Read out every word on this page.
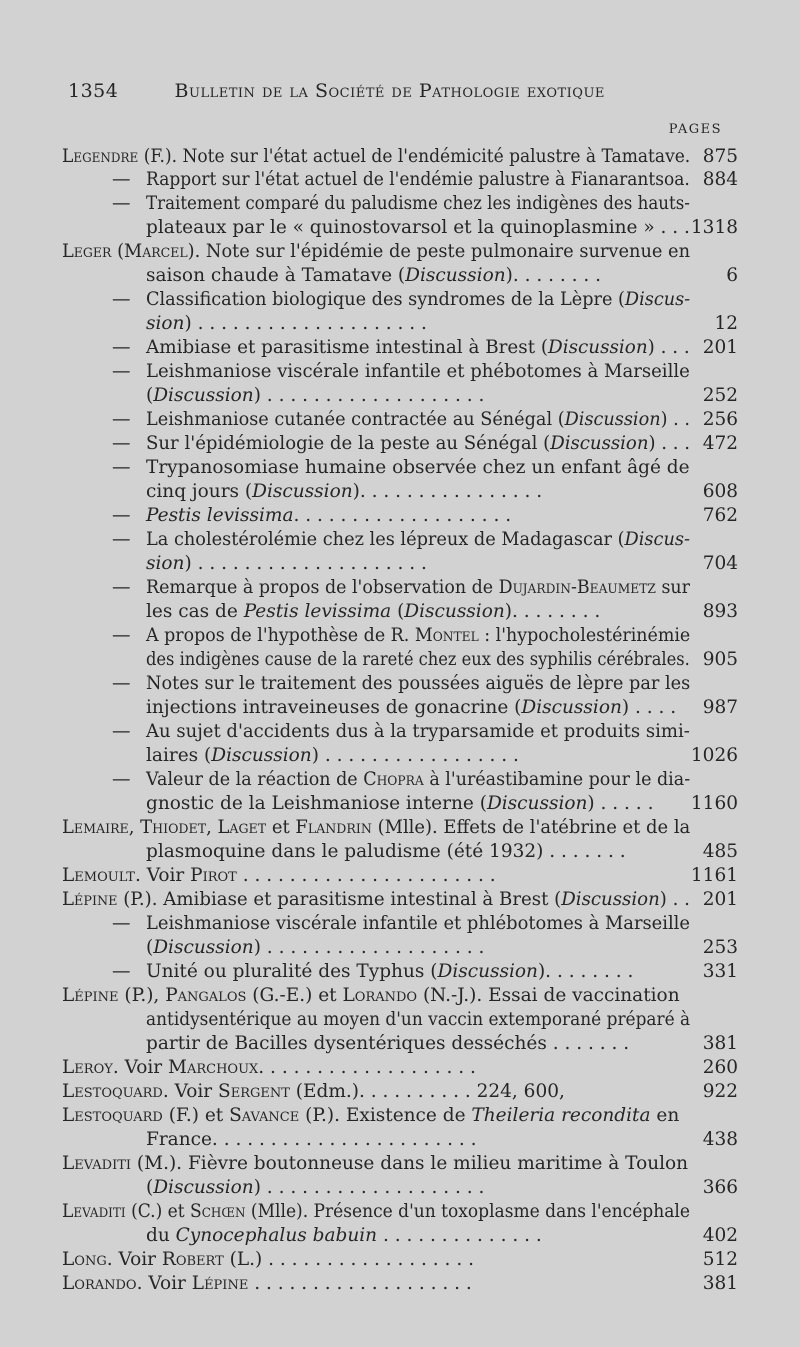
1354	Bulletin de la Société de Pathologie exotique
PAGES
Legendre (F.). Note sur l'état actuel de l'endémicité palustre à Tamatave. 875
— Rapport sur l'état actuel de l'endémie palustre à Fianarantsoa. 884
— Traitement comparé du paludisme chez les indigènes des hauts-
plateaux par le « quinostovarsol et la quinoplasmine » . . . 1318
Leger (Marcel). Note sur l'épidémie de peste pulmonaire survenue en
saison chaude à Tamatave (Discussion). . . . . . . .	6
— Classification biologique des syndromes de la Lèpre (Discus-
sion) . . . . . . . . . . . . . . . . . . . .	12
— Amibiase et parasitisme intestinal à Brest (Discussion) . . . 201
— Leishmaniose viscérale infantile et phébotomes à Marseille
(Discussion) . . . . . . . . . . . . . . . . . . .	252
— Leishmaniose cutanée contractée au Sénégal (Discussion) . . 256
— Sur l'épidémiologie de la peste au Sénégal (Discussion) . . . 472
— Trypanosomiase humaine observée chez un enfant âgé de
cinq jours (Discussion). . . . . . . . . . . . . . . .	608
— Pestis levissima. . . . . . . . . . . . . . . . . . .	762
— La cholestérolémie chez les lépreux de Madagascar (Discus-
sion) . . . . . . . . . . . . . . . . . . . .	704
— Remarque à propos de l'observation de Dujardin-Beaumetz sur
les cas de Pestis levissima (Discussion). . . . . . . .	893
— A propos de l'hypothèse de R. Montel : l'hypocholestérinémie
des indigènes cause de la rareté chez eux des syphilis cérébrales. 905
— Notes sur le traitement des poussées aiguës de lèpre par les
injections intraveineuses de gonacrine (Discussion) . . . . 987
— Au sujet d'accidents dus à la tryparsamide et produits simi-
laires (Discussion) . . . . . . . . . . . . . . . . .	1026
— Valeur de la réaction de Chopra à l'uréastibamine pour le dia-
gnostic de la Leishmaniose interne (Discussion) . . . . . 1160
Lemaire, Thiodet, Laget et Flandrin (Mlle). Effets de l'atébrine et de la
plasmoquine dans le paludisme (été 1932) . . . . . . .	485
Lemoult. Voir Pirot . . . . . . . . . . . . . . . . . . . . . .	1161
Lépine (P.). Amibiase et parasitisme intestinal à Brest (Discussion) . . 201
— Leishmaniose viscérale infantile et phlébotomes à Marseille
(Discussion) . . . . . . . . . . . . . . . . . . .	253
— Unité ou pluralité des Typhus (Discussion). . . . . . . .	331
Lépine (P.), Pangalos (G.-E.) et Lorando (N.-J.). Essai de vaccination
antidysentérique au moyen d'un vaccin extemporané préparé à
partir de Bacilles dysentériques desséchés . . . . . . .	381
Leroy. Voir Marchoux. . . . . . . . . . . . . . . . . . .	260
Lestoquard. Voir Sergent (Edm.). . . . . . . . . . 224, 600,	922
Lestoquard (F.) et Savance (P.). Existence de Theileria recondita en
France. . . . . . . . . . . . . . . . . . . . . . .	438
Levaditi (M.). Fièvre boutonneuse dans le milieu maritime à Toulon
(Discussion) . . . . . . . . . . . . . . . . . . .	366
Levaditi (C.) et Schœn (Mlle). Présence d'un toxoplasme dans l'encéphale
du Cynocephalus babuin . . . . . . . . . . . . . .	402
Long. Voir Robert (L.) . . . . . . . . . . . . . . . . . .	512
Lorando. Voir Lépine . . . . . . . . . . . . . . . . . . .	381
